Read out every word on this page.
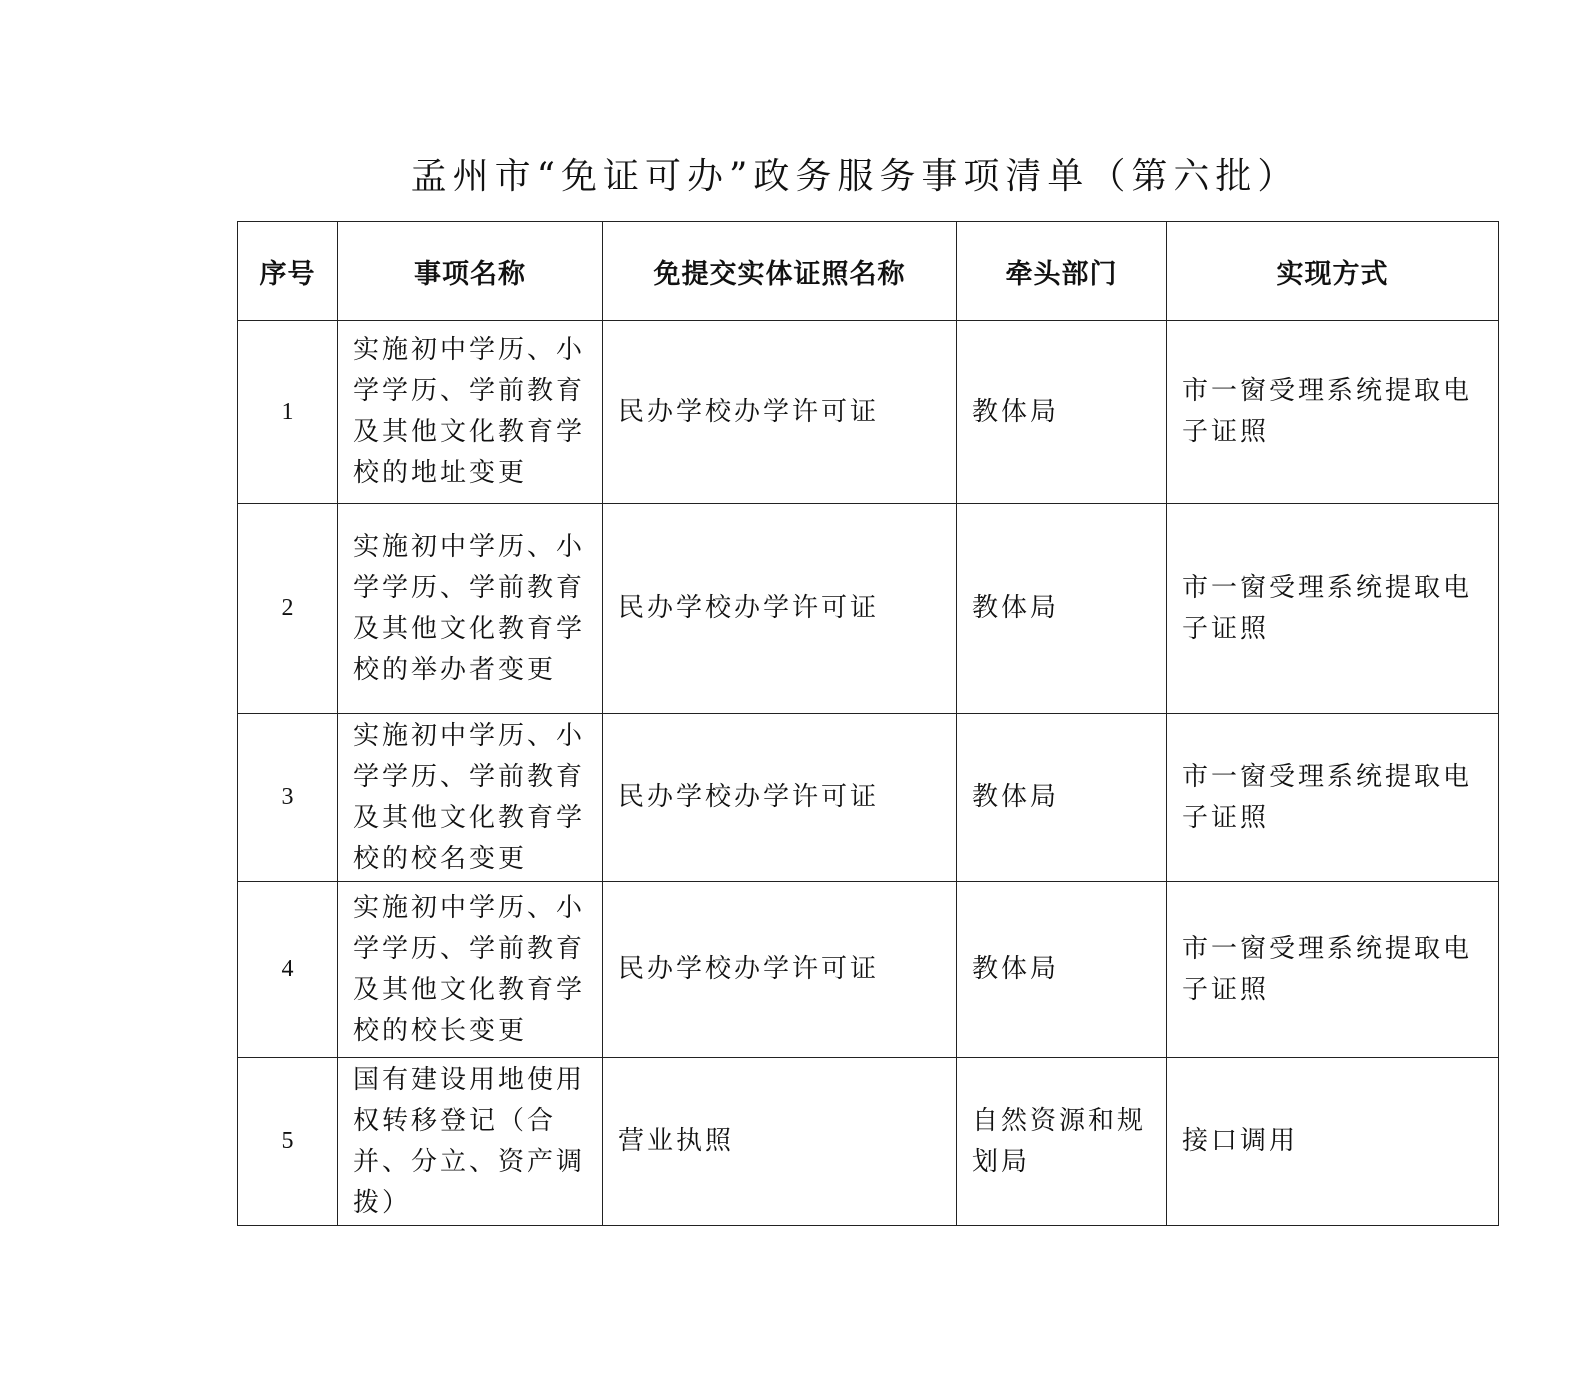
孟州市“免证可办”政务服务事项清单（第六批）
序号	事项名称	免提交实体证照名称	牵头部门	实现方式
1	实施初中学历、小学学历、学前教育及其他文化教育学校的地址变更	民办学校办学许可证	教体局	市一窗受理系统提取电子证照
2	实施初中学历、小学学历、学前教育及其他文化教育学校的举办者变更	民办学校办学许可证	教体局	市一窗受理系统提取电子证照
3	实施初中学历、小学学历、学前教育及其他文化教育学校的校名变更	民办学校办学许可证	教体局	市一窗受理系统提取电子证照
4	实施初中学历、小学学历、学前教育及其他文化教育学校的校长变更	民办学校办学许可证	教体局	市一窗受理系统提取电子证照
5	国有建设用地使用权转移登记（合并、分立、资产调拨）	营业执照	自然资源和规划局	接口调用
